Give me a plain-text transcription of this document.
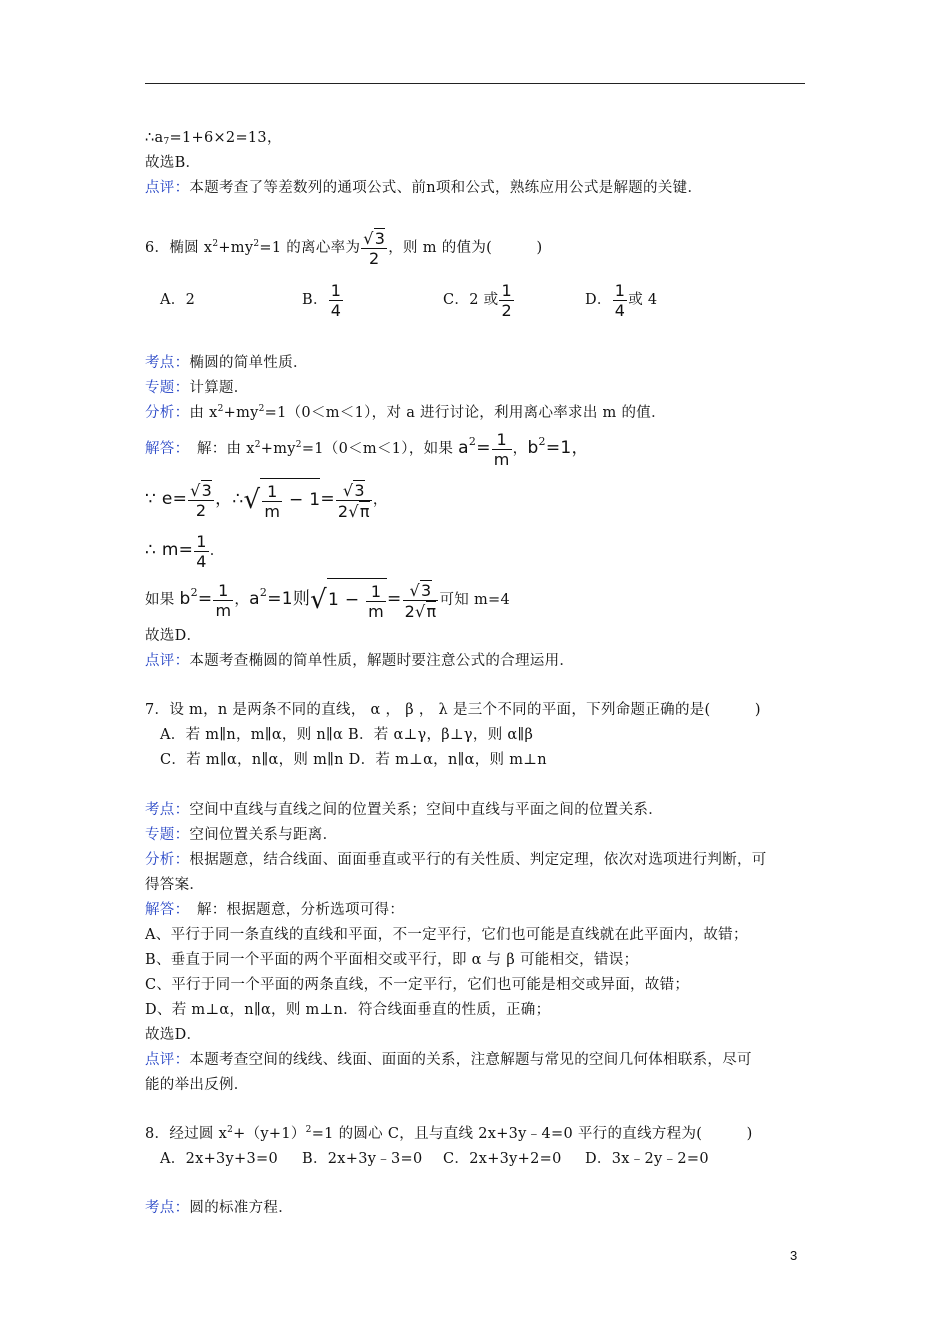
$\therefore a_7=1+6\times 2=13$，
故选B．
点评：本题考查了等差数列的通项公式、前n项和公式，熟练应用公式是解题的关键．
6．椭圆 $x^2+my^2=1$ 的离心率为 $\frac{√3}{2}$ ，则 m 的值为(　　　)
A．2	B． $\frac{1}{4}$	C．2 或 $\frac{1}{2}$	D． $\frac{1}{4}$ 或 4
考点：椭圆的简单性质．
专题：计算题．
分析：由 $x^2+my^2=1(0<m<1)$，对 a 进行讨论，利用离心率求出 m 的值．
解答：　解：由 $x^2+my^2=1(0<m<1)$，如果 $a^2= \frac{1}{m}$ ，$b^2=1$，
∵ $e= \frac{√3}{2}$ ，∴√ $\frac{1}{m} - 1= \frac{√3}{2√\pi}$ ，
∴ $m= \frac{1}{4}$ ．
如果 $b^2= \frac{1}{m}$ ，$a^2=1$则$√1 - \frac{1}{m} = \frac{√3}{2√\pi}$ 可知 m=4
故选D．
点评：本题考查椭圆的简单性质，解题时要注意公式的合理运用．
7．设 m，n 是两条不同的直线， α ， β ， λ 是三个不同的平面，下列命题正确的是(　　　)
A．若 m∥n，m∥α，则 n∥α B．若 α⊥γ，β⊥γ，则 α∥β
C．若 m∥α，n∥α，则 m∥n D．若 m⊥α，n∥α，则 m⊥n
考点：空间中直线与直线之间的位置关系；空间中直线与平面之间的位置关系．
专题：空间位置关系与距离．
分析：根据题意，结合线面、面面垂直或平行的有关性质、判定定理，依次对选项进行判断，可
得答案．
解答：　解：根据题意，分析选项可得：
A、平行于同一条直线的直线和平面，不一定平行，它们也可能是直线就在此平面内，故错；
B、垂直于同一个平面的两个平面相交或平行，即 α 与 β 可能相交，错误；
C、平行于同一个平面的两条直线，不一定平行，它们也可能是相交或异面，故错；
D、若 m⊥α，n∥α，则 m⊥n．符合线面垂直的性质，正确；
故选D．
点评：本题考查空间的线线、线面、面面的关系，注意解题与常见的空间几何体相联系，尽可
能的举出反例．
8．经过圆 $x^2+(y+1)^2=1$ 的圆心 C，且与直线 2x+3y﹣4=0 平行的直线方程为(　　　)
A．2x+3y+3=0 B．2x+3y﹣3=0 C．2x+3y+2=0 D．3x﹣2y﹣2=0
考点：圆的标准方程．
3
